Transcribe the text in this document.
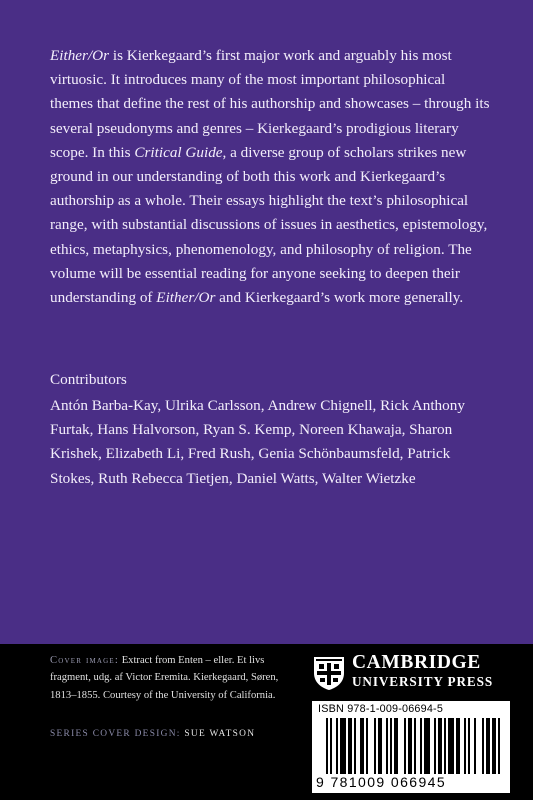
Either/Or is Kierkegaard’s first major work and arguably his most virtuosic. It introduces many of the most important philosophical themes that define the rest of his authorship and showcases – through its several pseudonyms and genres – Kierkegaard’s prodigious literary scope. In this Critical Guide, a diverse group of scholars strikes new ground in our understanding of both this work and Kierkegaard’s authorship as a whole. Their essays highlight the text’s philosophical range, with substantial discussions of issues in aesthetics, epistemology, ethics, metaphysics, phenomenology, and philosophy of religion. The volume will be essential reading for anyone seeking to deepen their understanding of Either/Or and Kierkegaard’s work more generally.

Contributors

Antón Barba-Kay, Ulrika Carlsson, Andrew Chignell, Rick Anthony Furtak, Hans Halvorson, Ryan S. Kemp, Noreen Khawaja, Sharon Krishek, Elizabeth Li, Fred Rush, Genia Schönbaumsfeld, Patrick Stokes, Ruth Rebecca Tietjen, Daniel Watts, Walter Wietzke

Cover image: Extract from Enten – eller. Et livs fragment, udg. af Victor Eremita. Kierkegaard, Søren, 1813–1855. Courtesy of the University of California.

SERIES COVER DESIGN: SUE WATSON

CAMBRIDGE

UNIVERSITY PRESS

ISBN 978-1-009-06694-5

9 781009 066945
